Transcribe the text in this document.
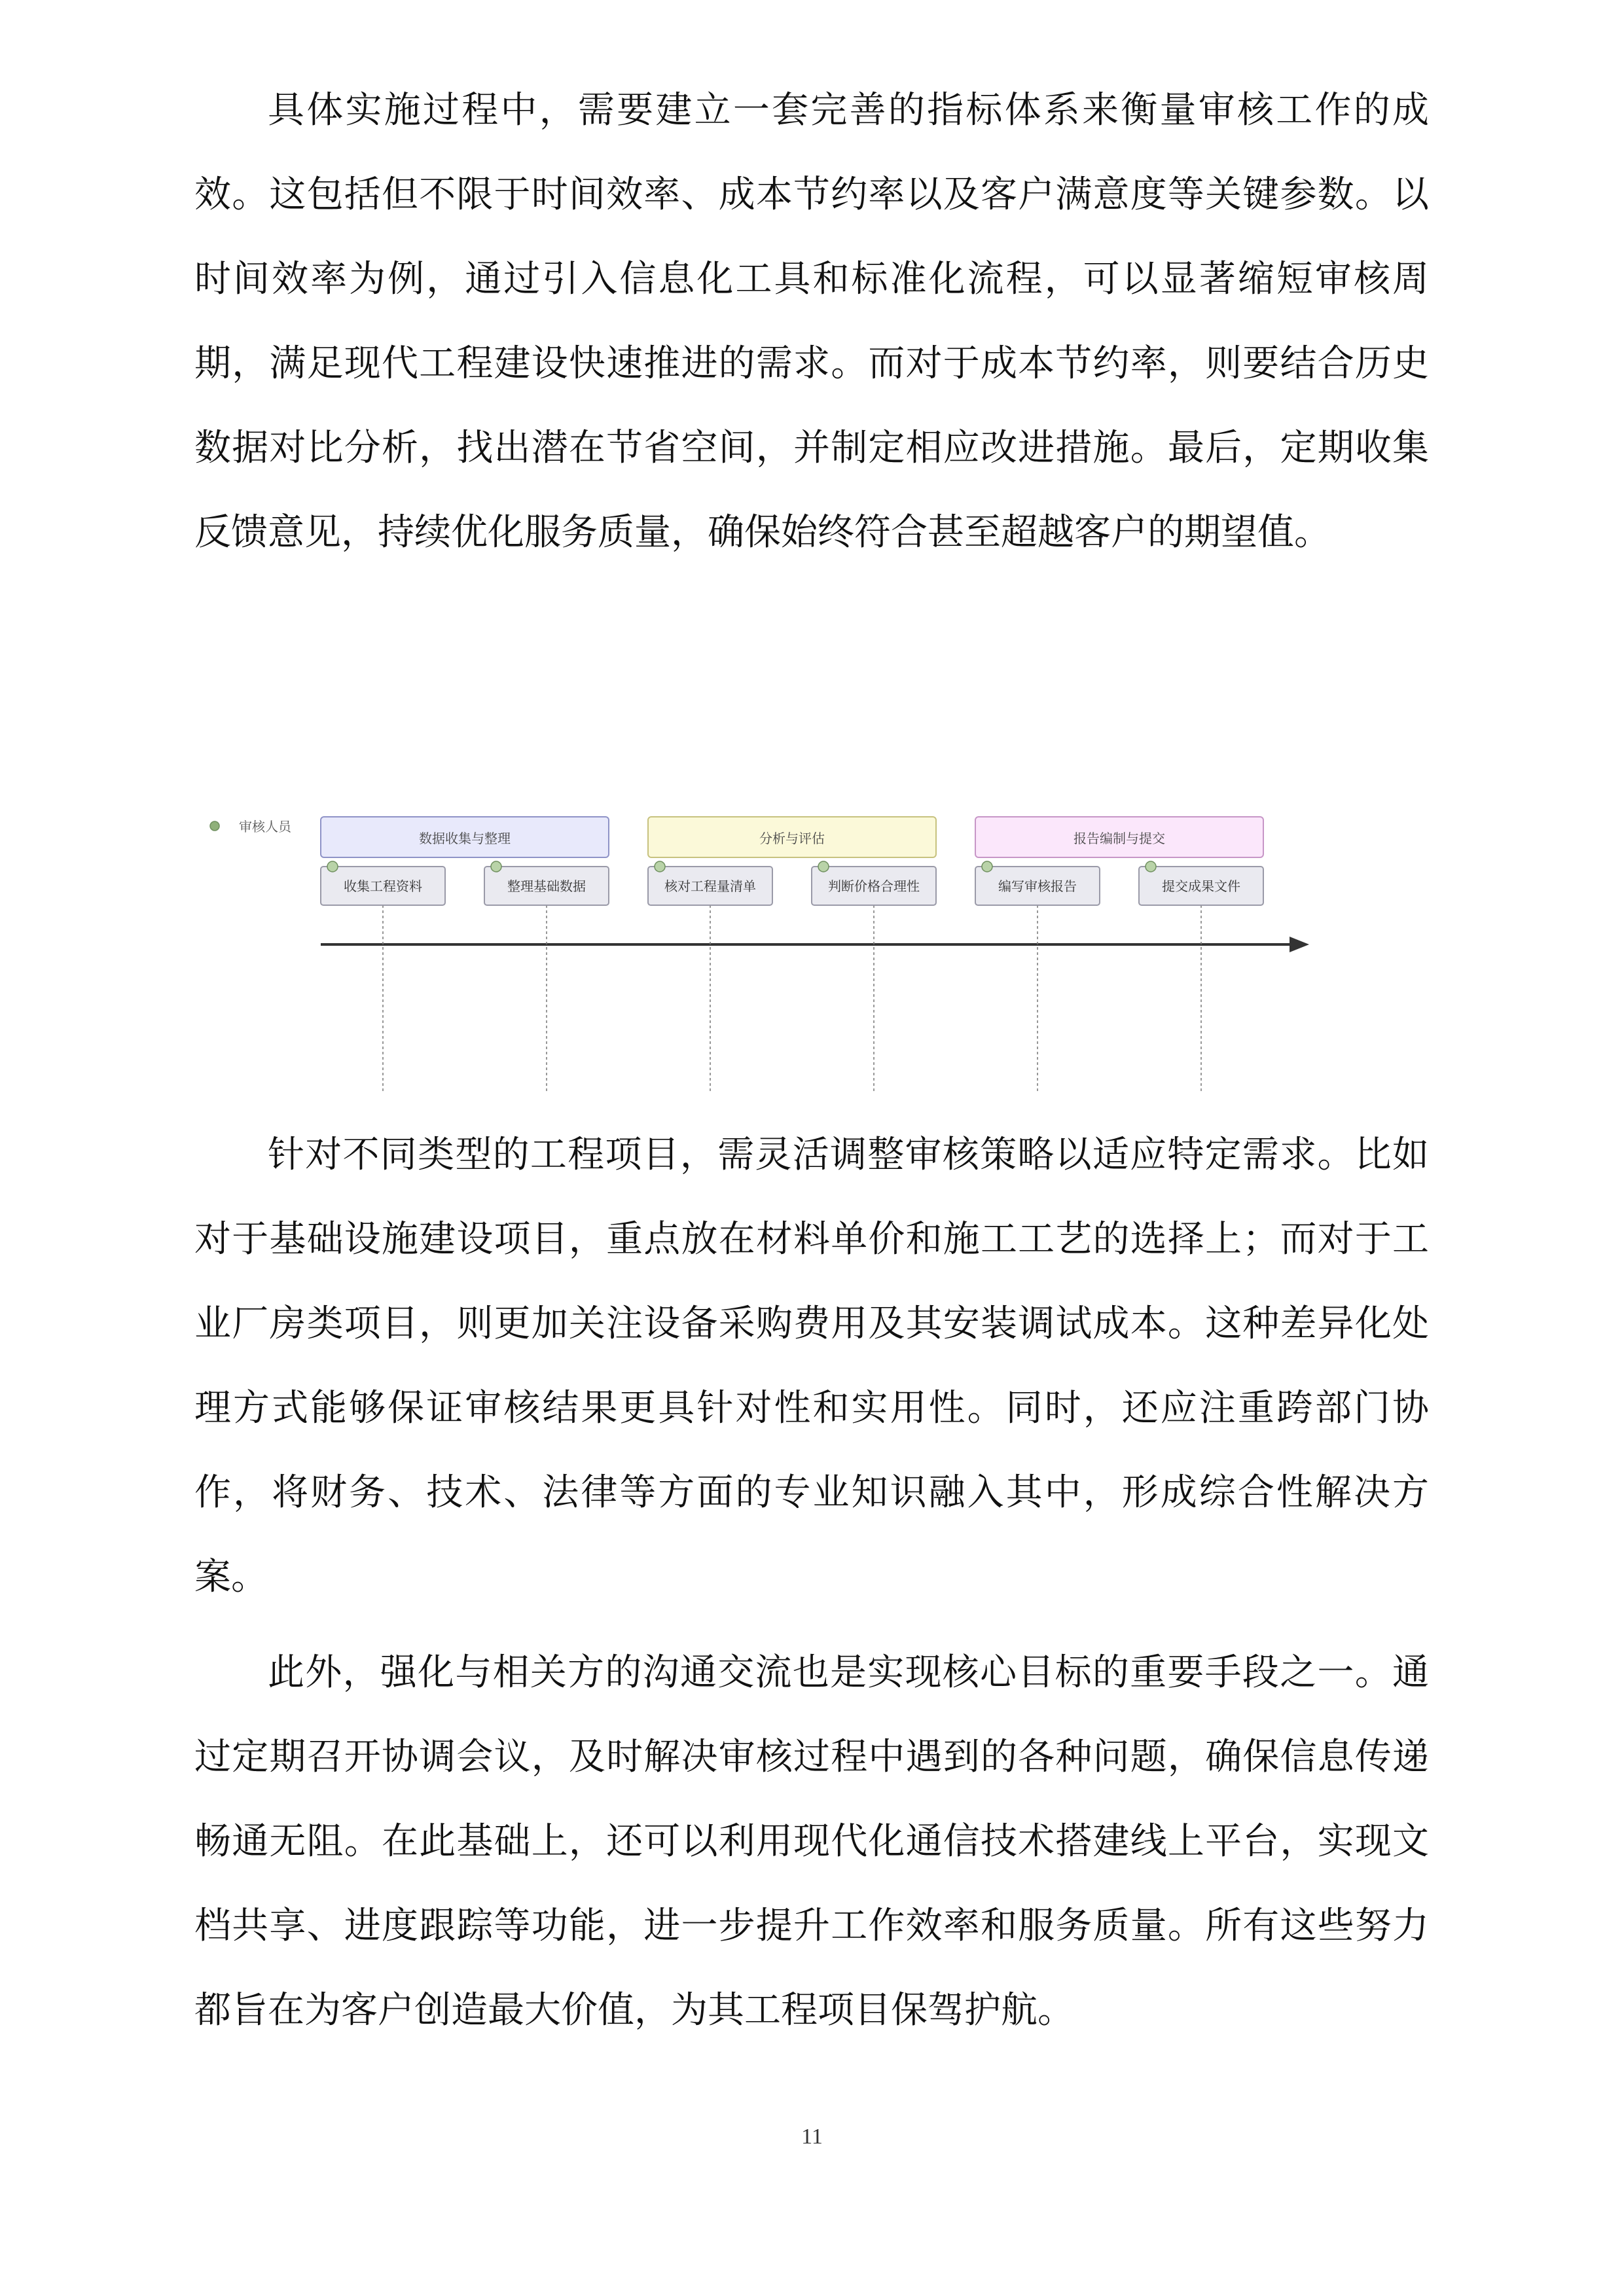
具体实施过程中，需要建立一套完善的指标体系来衡量审核工作的成效。这包括但不限于时间效率、成本节约率以及客户满意度等关键参数。以时间效率为例，通过引入信息化工具和标准化流程，可以显著缩短审核周期，满足现代工程建设快速推进的需求。而对于成本节约率，则要结合历史数据对比分析，找出潜在节省空间，并制定相应改进措施。最后，定期收集反馈意见，持续优化服务质量，确保始终符合甚至超越客户的期望值。

审核人员
数据收集与整理
收集工程资料	整理基础数据
分析与评估
核对工程量清单	判断价格合理性
报告编制与提交
编写审核报告	提交成果文件

针对不同类型的工程项目，需灵活调整审核策略以适应特定需求。比如对于基础设施建设项目，重点放在材料单价和施工工艺的选择上；而对于工业厂房类项目，则更加关注设备采购费用及其安装调试成本。这种差异化处理方式能够保证审核结果更具针对性和实用性。同时，还应注重跨部门协作，将财务、技术、法律等方面的专业知识融入其中，形成综合性解决方案。

此外，强化与相关方的沟通交流也是实现核心目标的重要手段之一。通过定期召开协调会议，及时解决审核过程中遇到的各种问题，确保信息传递畅通无阻。在此基础上，还可以利用现代化通信技术搭建线上平台，实现文档共享、进度跟踪等功能，进一步提升工作效率和服务质量。所有这些努力都旨在为客户创造最大价值，为其工程项目保驾护航。

11
